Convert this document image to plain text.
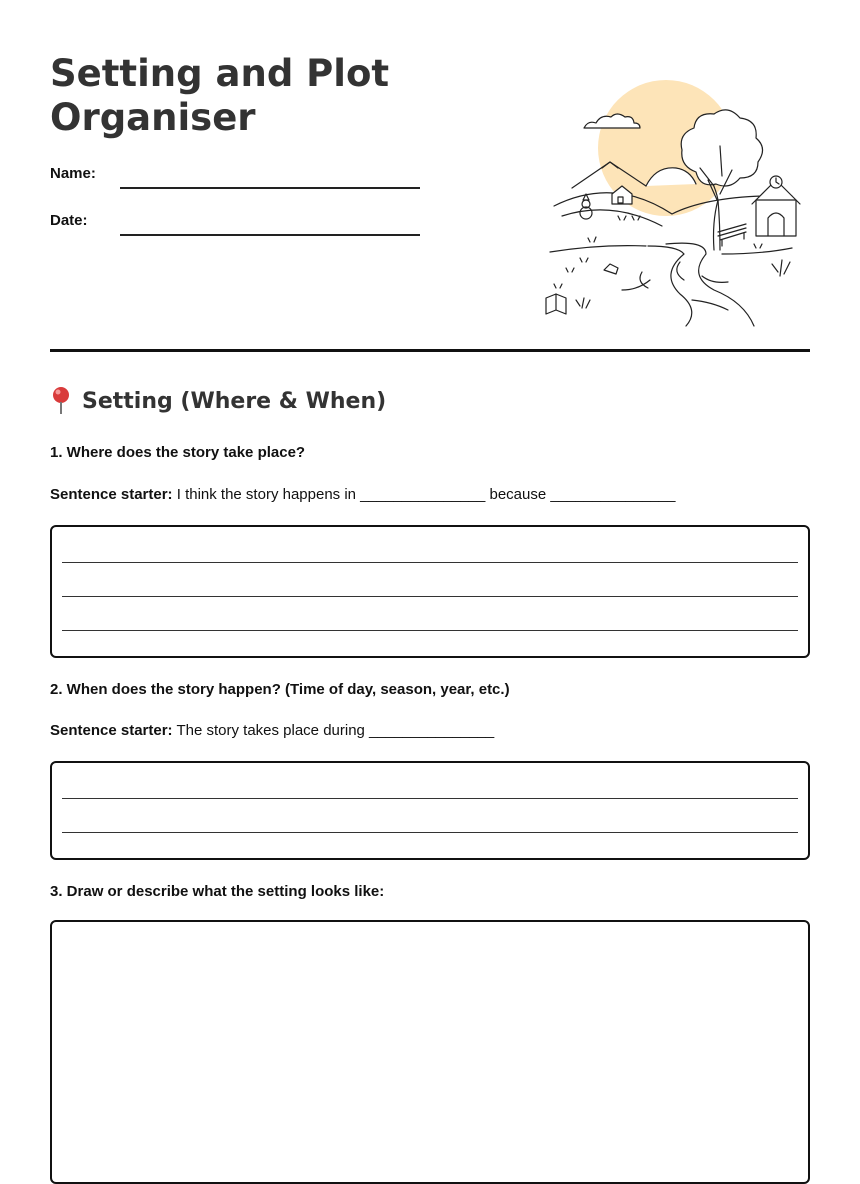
Setting and Plot Organiser
Name:
Date:
Setting (Where & When)
1. Where does the story take place?
Sentence starter: I think the story happens in _______________ because _______________
2. When does the story happen? (Time of day, season, year, etc.)
Sentence starter: The story takes place during _______________
3. Draw or describe what the setting looks like:
